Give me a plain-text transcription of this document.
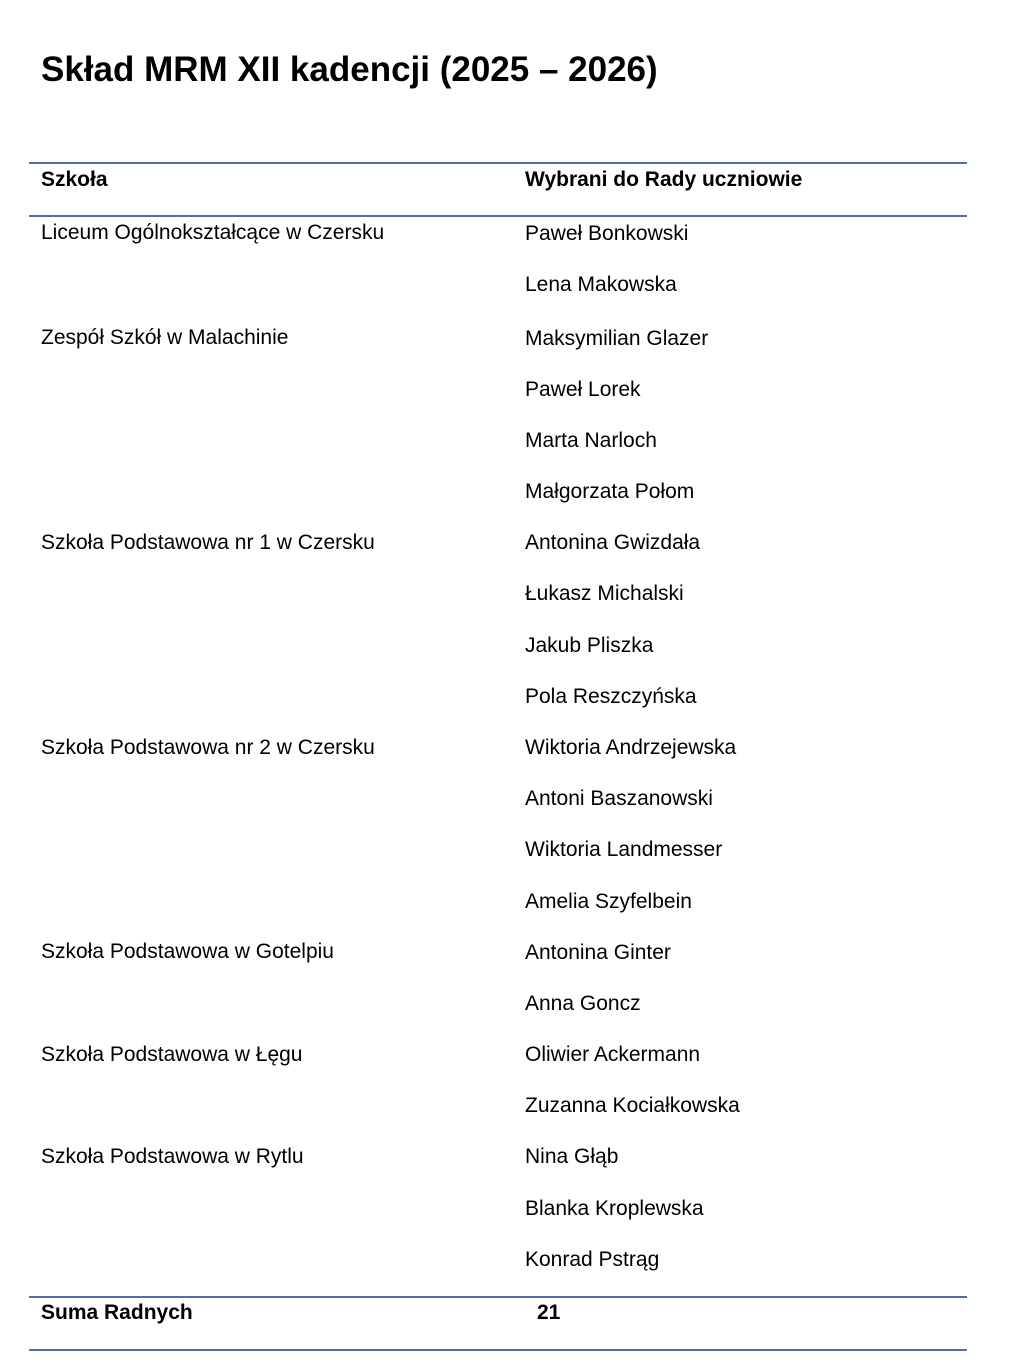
Skład MRM XII kadencji (2025 – 2026)
Szkoła	Wybrani do Rady uczniowie
Liceum Ogólnokształcące w Czersku	Paweł Bonkowski
Lena Makowska
Zespół Szkół w Malachinie	Maksymilian Glazer
Paweł Lorek
Marta Narloch
Małgorzata Połom
Szkoła Podstawowa nr 1 w Czersku	Antonina Gwizdała
Łukasz Michalski
Jakub Pliszka
Pola Reszczyńska
Szkoła Podstawowa nr 2 w Czersku	Wiktoria Andrzejewska
Antoni Baszanowski
Wiktoria Landmesser
Amelia Szyfelbein
Szkoła Podstawowa w Gotelpiu	Antonina Ginter
Anna Goncz
Szkoła Podstawowa w Łęgu	Oliwier Ackermann
Zuzanna Kociałkowska
Szkoła Podstawowa w Rytlu	Nina Głąb
Blanka Kroplewska
Konrad Pstrąg
Suma Radnych	21
